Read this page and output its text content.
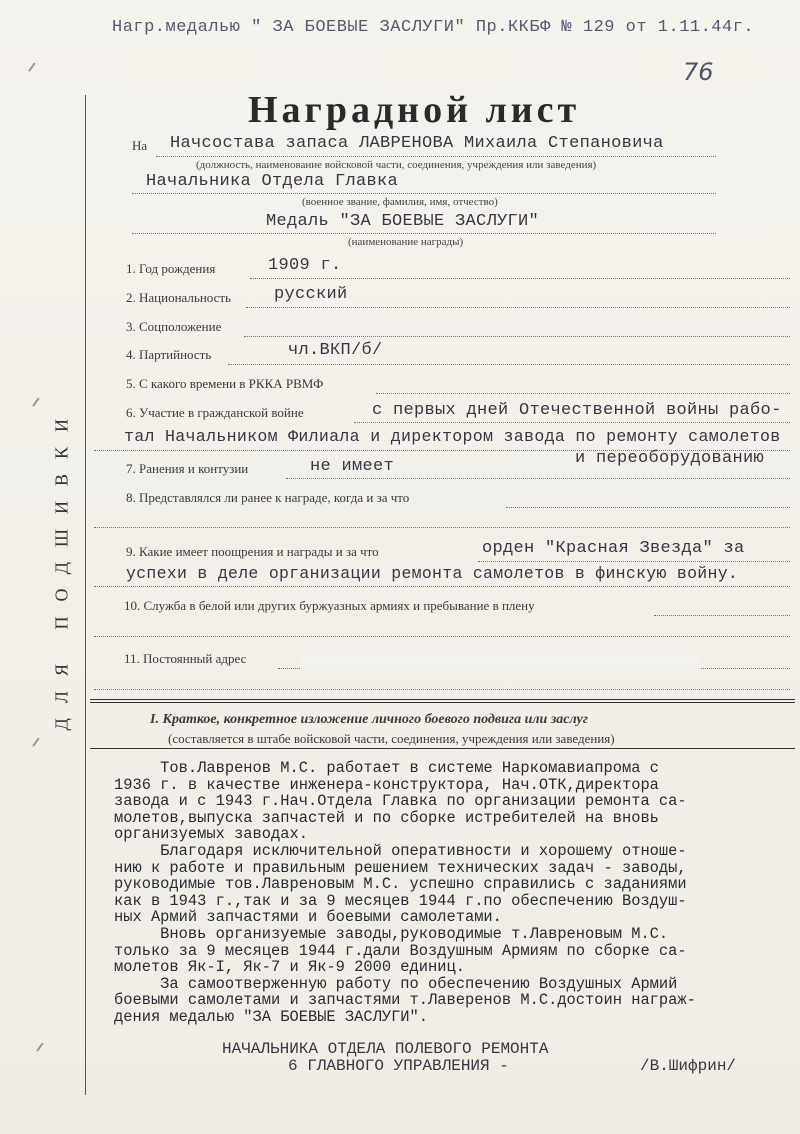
Нагр.медалью " ЗА БОЕВЫЕ ЗАСЛУГИ" Пр.ККБФ № 129 от 1.11.44г.
76
ДЛЯ ПОДШИВКИ
Наградной лист
На Начсостава запаса ЛАВРЕНОВА Михаила Степановича
(должность, наименование войсковой части, соединения, учреждения или заведения)
Начальника Отдела Главка
(военное звание, фамилия, имя, отчество)
Медаль "ЗА БОЕВЫЕ ЗАСЛУГИ"
(наименование награды)
1. Год рождения	1909 г.
2. Национальность	русский
3. Соцположение
4. Партийность	чл.ВКП/б/
5. С какого времени в РККА РВМФ
6. Участие в гражданской войне	с первых дней Отечественной войны рабо-
тал Начальником Филиала и директором завода по ремонту самолетов
и переоборудованию
7. Ранения и контузии	не имеет
8. Представлялся ли ранее к награде, когда и за что
9. Какие имеет поощрения и награды и за что	орден "Красная Звезда" за
успехи в деле организации ремонта самолетов в финскую войну.
10. Служба в белой или других буржуазных армиях и пребывание в плену
11. Постоянный адрес
I. Краткое, конкретное изложение личного боевого подвига или заслуг
(составляется в штабе войсковой части, соединения, учреждения или заведения)
Тов.Лавренов М.С. работает в системе Наркомавиапрома с
1936 г. в качестве инженера-конструктора, Нач.ОТК,директора
завода и с 1943 г.Нач.Отдела Главка по организации ремонта са-
молетов,выпуска запчастей и по сборке истребителей на вновь
организуемых заводах.
Благодаря исключительной оперативности и хорошему отноше-
нию к работе и правильным решением технических задач - заводы,
руководимые тов.Лавреновым М.С. успешно справились с заданиями
как в 1943 г.,так и за 9 месяцев 1944 г.по обеспечению Воздуш-
ных Армий запчастями и боевыми самолетами.
Вновь организуемые заводы,руководимые т.Лавреновым М.С.
только за 9 месяцев 1944 г.дали Воздушным Армиям по сборке са-
молетов Як-I, Як-7 и Як-9 2000 единиц.
За самоотверженную работу по обеспечению Воздушных Армий
боевыми самолетами и запчастями т.Лаверенов М.С.достоин награж-
дения медалью "ЗА БОЕВЫЕ ЗАСЛУГИ".
НАЧАЛЬНИКА ОТДЕЛА ПОЛЕВОГО РЕМОНТА
6 ГЛАВНОГО УПРАВЛЕНИЯ -	/В.Шифрин/
